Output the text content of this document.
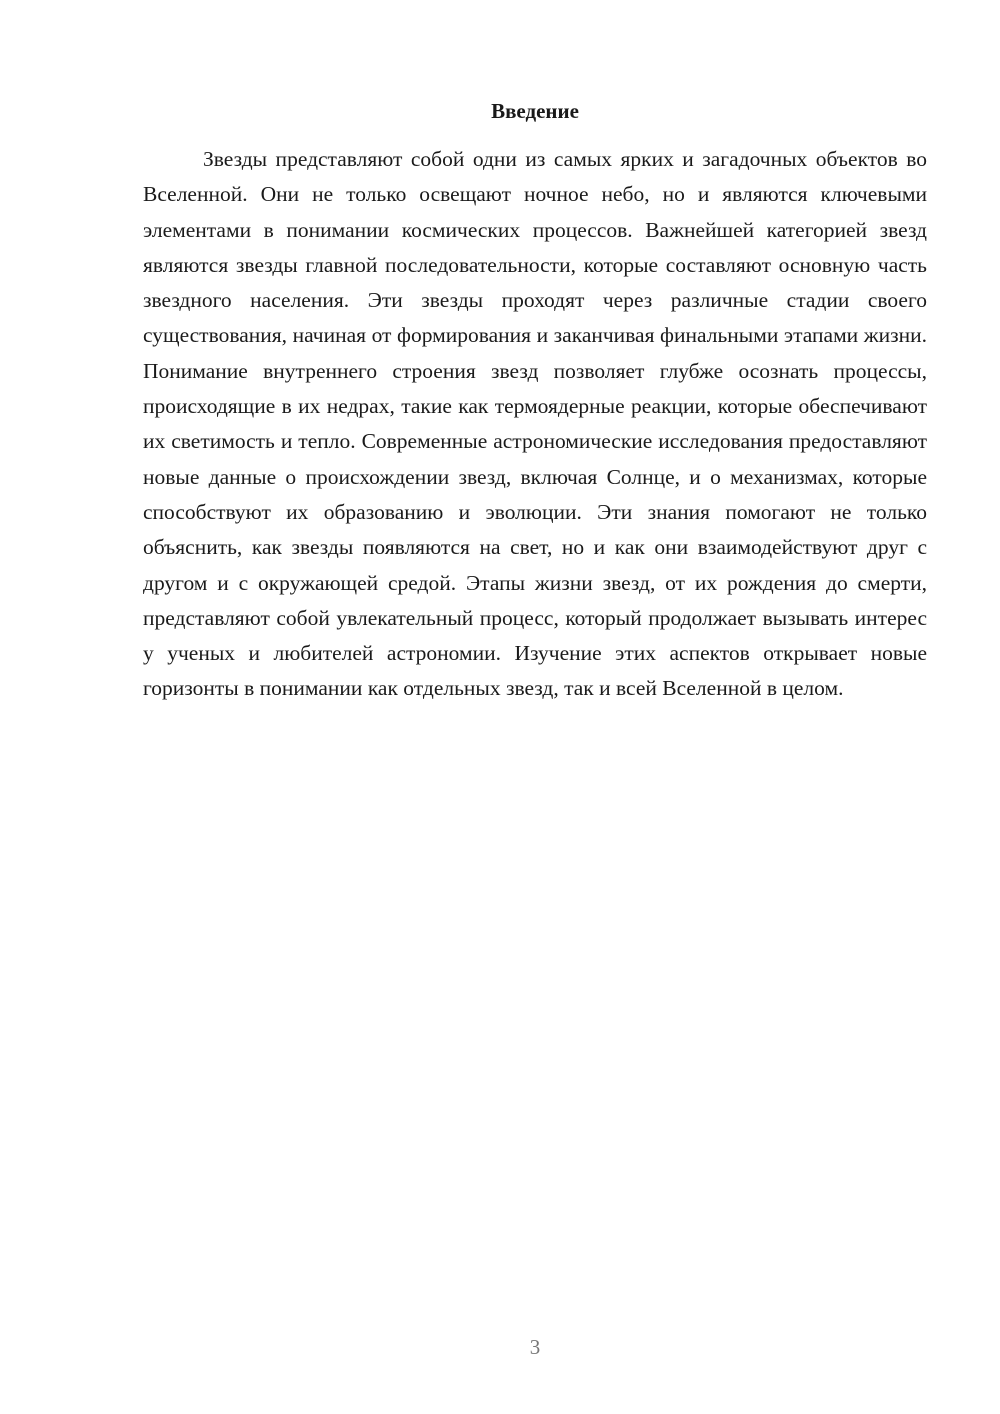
Введение

Звезды представляют собой одни из самых ярких и загадочных объектов во Вселенной. Они не только освещают ночное небо, но и являются ключевыми элементами в понимании космических процессов. Важнейшей категорией звезд являются звезды главной последовательности, которые составляют основную часть звездного населения. Эти звезды проходят через различные стадии своего существования, начиная от формирования и заканчивая финальными этапами жизни. Понимание внутреннего строения звезд позволяет глубже осознать процессы, происходящие в их недрах, такие как термоядерные реакции, которые обеспечивают их светимость и тепло. Современные астрономические исследования предоставляют новые данные о происхождении звезд, включая Солнце, и о механизмах, которые способствуют их образованию и эволюции. Эти знания помогают не только объяснить, как звезды появляются на свет, но и как они взаимодействуют друг с другом и с окружающей средой. Этапы жизни звезд, от их рождения до смерти, представляют собой увлекательный процесс, который продолжает вызывать интерес у ученых и любителей астрономии. Изучение этих аспектов открывает новые горизонты в понимании как отдельных звезд, так и всей Вселенной в целом.

3
